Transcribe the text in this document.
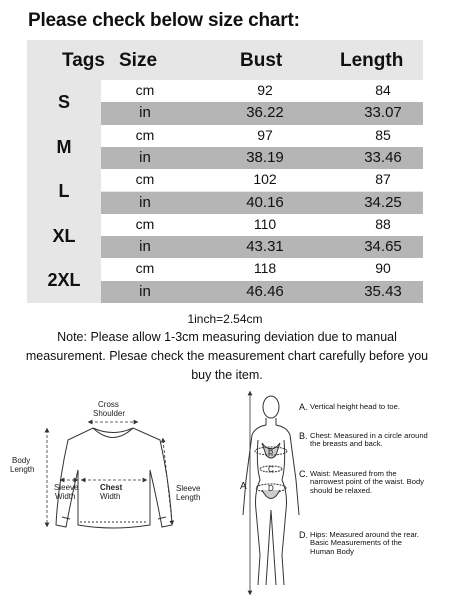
Please check below size chart:
Tags Size	Bust	Length
S
cm	92	84
in	36.22	33.07
M
cm	97	85
in	38.19	33.46
L
cm	102	87
in	40.16	34.25
XL
cm	110	88
in	43.31	34.65
2XL
cm	118	90
in	46.46	35.43
1inch=2.54cm
Note: Please allow 1-3cm measuring deviation due to manual measurement. Plesae check the measurement chart carefully before you buy the item.
Cross
Shoulder
Body
Length
Sleeve
Width
Chest
Width
Sleeve
Length
A
B
C
D
A. Vertical height head to toe.
B. Chest: Measured in a circle around the breasts and back.
C. Waist: Measured from the narrowest point of the waist. Body should be relaxed.
D. Hips: Measured around the rear. Basic Measurements of the Human Body
